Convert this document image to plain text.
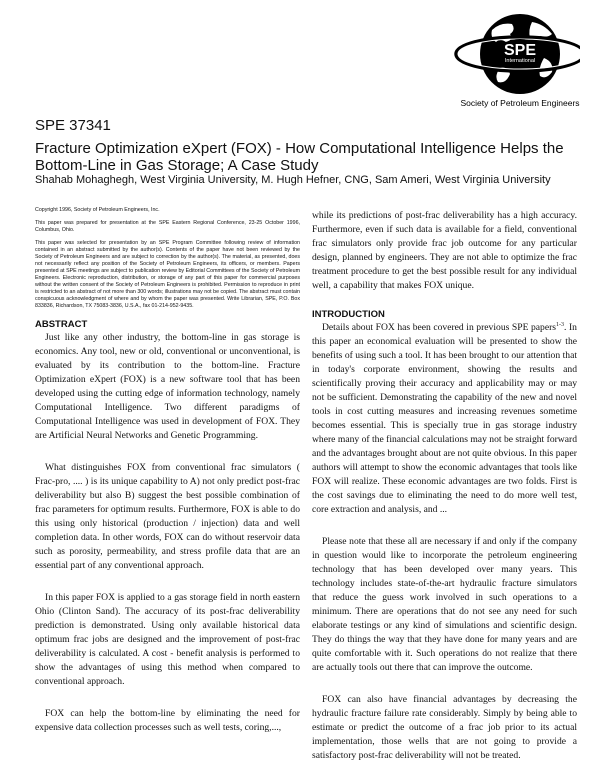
SPE
International
Society of Petroleum Engineers
SPE 37341
Fracture Optimization eXpert (FOX) - How Computational Intelligence Helps the Bottom-Line in Gas Storage; A Case Study
Shahab Mohaghegh, West Virginia University, M. Hugh Hefner, CNG, Sam Ameri, West Virginia University

Copyright 1996, Society of Petroleum Engineers, Inc.

This paper was prepared for presentation at the SPE Eastern Regional Conference, 23-25 October 1996, Columbus, Ohio.

This paper was selected for presentation by an SPE Program Committee following review of information contained in an abstract submitted by the author(s). Contents of the paper have not been reviewed by the Society of Petroleum Engineers and are subject to correction by the author(s). The material, as presented, does not necessarily reflect any position of the Society of Petroleum Engineers, its officers, or members. Papers presented at SPE meetings are subject to publication review by Editorial Committees of the Society of Petroleum Engineers. Electronic reproduction, distribution, or storage of any part of this paper for commercial purposes without the written consent of the Society of Petroleum Engineers is prohibited. Permission to reproduce in print is restricted to an abstract of not more than 300 words; illustrations may not be copied. The abstract must contain conspicuous acknowledgment of where and by whom the paper was presented. Write Librarian, SPE, P.O. Box 833836, Richardson, TX 75083-3836, U.S.A., fax 01-214-952-9435.

ABSTRACT

Just like any other industry, the bottom-line in gas storage is economics. Any tool, new or old, conventional or unconventional, is evaluated by its contribution to the bottom-line. Fracture Optimization eXpert (FOX) is a new software tool that has been developed using the cutting edge of information technology, namely Computational Intelligence. Two different paradigms of Computational Intelligence was used in development of FOX. They are Artificial Neural Networks and Genetic Programming.

What distinguishes FOX from conventional frac simulators ( Frac-pro, .... ) is its unique capability to A) not only predict post-frac deliverability but also B) suggest the best possible combination of frac parameters for optimum results. Furthermore, FOX is able to do this using only historical (production / injection) data and well completion data. In other words, FOX can do without reservoir data such as porosity, permeability, and stress profile data that are an essential part of any conventional approach.

In this paper FOX is applied to a gas storage field in north eastern Ohio (Clinton Sand). The accuracy of its post-frac deliverability prediction is demonstrated. Using only available historical data optimum frac jobs are designed and the improvement of post-frac deliverability is calculated. A cost - benefit analysis is performed to show the advantages of using this method when compared to conventional approach.

FOX can help the bottom-line by eliminating the need for expensive data collection processes such as well tests, coring,...,

while its predictions of post-frac deliverability has a high accuracy. Furthermore, even if such data is available for a field, conventional frac simulators only provide frac job outcome for any particular design, planned by engineers. They are not able to optimize the frac treatment procedure to get the best possible result for any individual well, a capability that makes FOX unique.

INTRODUCTION

Details about FOX has been covered in previous SPE papers$^{1-3}$. In this paper an economical evaluation will be presented to show the benefits of using such a tool. It has been brought to our attention that in today's corporate environment, showing the results and scientifically proving their accuracy and applicability may or may not be sufficient. Demonstrating the capability of the new and novel tools in cost cutting measures and increasing revenues sometime becomes essential. This is specially true in gas storage industry where many of the financial calculations may not be straight forward and the advantages brought about are not quite obvious. In this paper authors will attempt to show the economic advantages that tools like FOX will realize. These economic advantages are two folds. First is the cost savings due to eliminating the need to do more well test, core extraction and analysis, and ...

Please note that these all are necessary if and only if the company in question would like to incorporate the petroleum engineering technology that has been developed over many years. This technology includes state-of-the-art hydraulic fracture simulators that reduce the guess work involved in such operations to a minimum. There are operations that do not see any need for such elaborate testings or any kind of simulations and scientific design. They do things the way that they have done for many years and are quite comfortable with it. Such operations do not realize that there are actually tools out there that can improve the outcome.

FOX can also have financial advantages by decreasing the hydraulic fracture failure rate considerably. Simply by being able to estimate or predict the outcome of a frac job prior to its actual implementation, those wells that are not going to provide a satisfactory post-frac deliverability will not be treated.
